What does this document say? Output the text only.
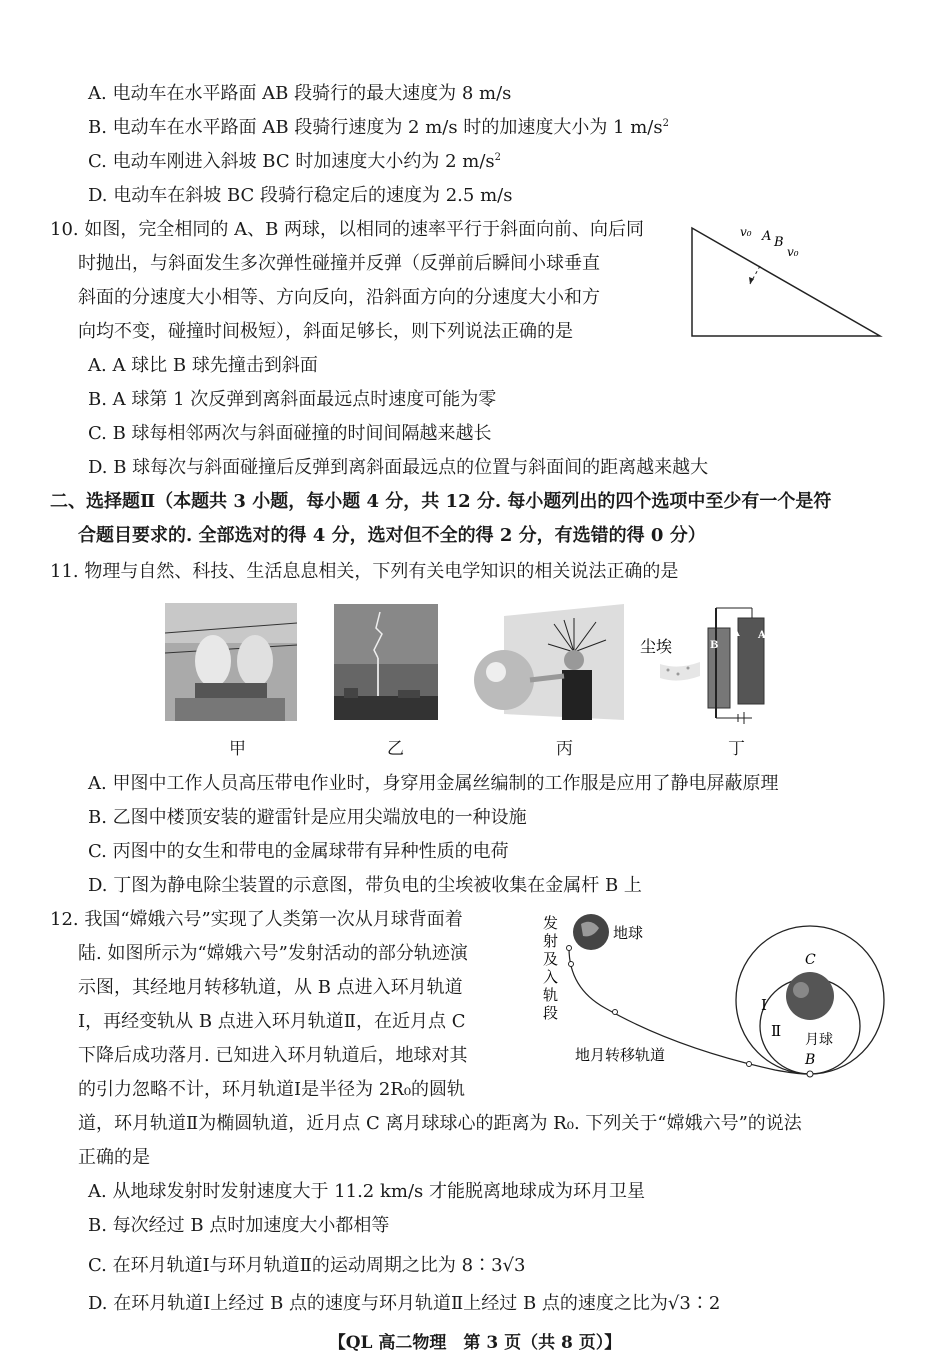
A. 电动车在水平路面 AB 段骑行的最大速度为 8 m/s
B. 电动车在水平路面 AB 段骑行速度为 2 m/s 时的加速度大小为 1 $m/s^2$
C. 电动车刚进入斜坡 BC 时加速度大小约为 2 $m/s^2$
D. 电动车在斜坡 BC 段骑行稳定后的速度为 2.5 m/s
10. 如图，完全相同的 A、B 两球，以相同的速率平行于斜面向前、向后同
时抛出，与斜面发生多次弹性碰撞并反弹（反弹前后瞬间小球垂直
斜面的分速度大小相等、方向反向，沿斜面方向的分速度大小和方
向均不变，碰撞时间极短），斜面足够长，则下列说法正确的是
v₀ A B
v₀
A. A 球比 B 球先撞击到斜面
B. A 球第 1 次反弹到离斜面最远点时速度可能为零
C. B 球每相邻两次与斜面碰撞的时间间隔越来越长
D. B 球每次与斜面碰撞后反弹到离斜面最远点的位置与斜面间的距离越来越大
二、选择题Ⅱ（本题共 3 小题，每小题 4 分，共 12 分. 每小题列出的四个选项中至少有一个是符
合题目要求的. 全部选对的得 4 分，选对但不全的得 2 分，有选错的得 0 分）
11. 物理与自然、科技、生活息息相关，下列有关电学知识的相关说法正确的是
甲	乙	丙
尘埃	B
A A
丁
A. 甲图中工作人员高压带电作业时，身穿用金属丝编制的工作服是应用了静电屏蔽原理
B. 乙图中楼顶安装的避雷针是应用尖端放电的一种设施
C. 丙图中的女生和带电的金属球带有异种性质的电荷
D. 丁图为静电除尘装置的示意图，带负电的尘埃被收集在金属杆 B 上
12. 我国“嫦娥六号”实现了人类第一次从月球背面着
陆. 如图所示为“嫦娥六号”发射活动的部分轨迹演
示图，其经地月转移轨道，从 B 点进入环月轨道
Ⅰ，再经变轨从 B 点进入环月轨道Ⅱ，在近月点 C
下降后成功落月. 已知进入环月轨道后，地球对其
的引力忽略不计，环月轨道Ⅰ是半径为 2R₀的圆轨
道，环月轨道Ⅱ为椭圆轨道，近月点 C 离月球球心的距离为 R₀. 下列关于“嫦娥六号”的说法
正确的是
发
射
及
入
轨
段
地球
地月转移轨道
Ⅰ
Ⅱ
C
月球
B
A. 从地球发射时发射速度大于 11.2 km/s 才能脱离地球成为环月卫星
B. 每次经过 B 点时加速度大小都相等
C. 在环月轨道Ⅰ与环月轨道Ⅱ的运动周期之比为 8∶3√3
D. 在环月轨道Ⅰ上经过 B 点的速度与环月轨道Ⅱ上经过 B 点的速度之比为√3∶2
【QL 高二物理　第 3 页（共 8 页）】
